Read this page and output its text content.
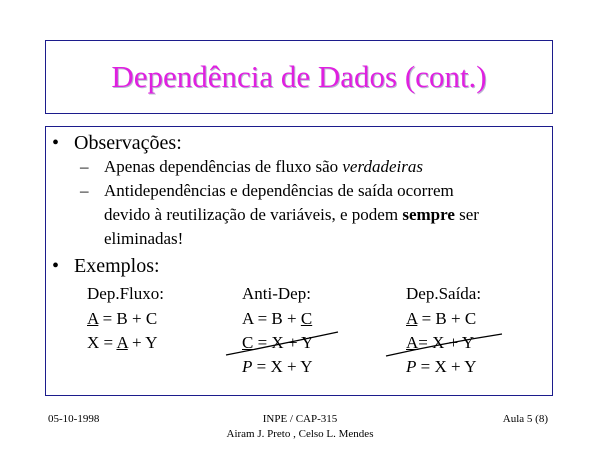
Dependência de Dados (cont.)
• Observações:
– Apenas dependências de fluxo são verdadeiras
– Antidependências e dependências de saída ocorrem
devido à reutilização de variáveis, e podem sempre ser
eliminadas!
• Exemplos:
Dep.Fluxo:
A = B + C
X = A + Y
Anti-Dep:
A = B + C
C = X + Y
P = X + Y
Dep.Saída:
A = B + C
A= X + Y
P = X + Y
05-10-1998	INPE / CAP-315
Airam J. Preto , Celso L. Mendes
Aula 5 (8)
